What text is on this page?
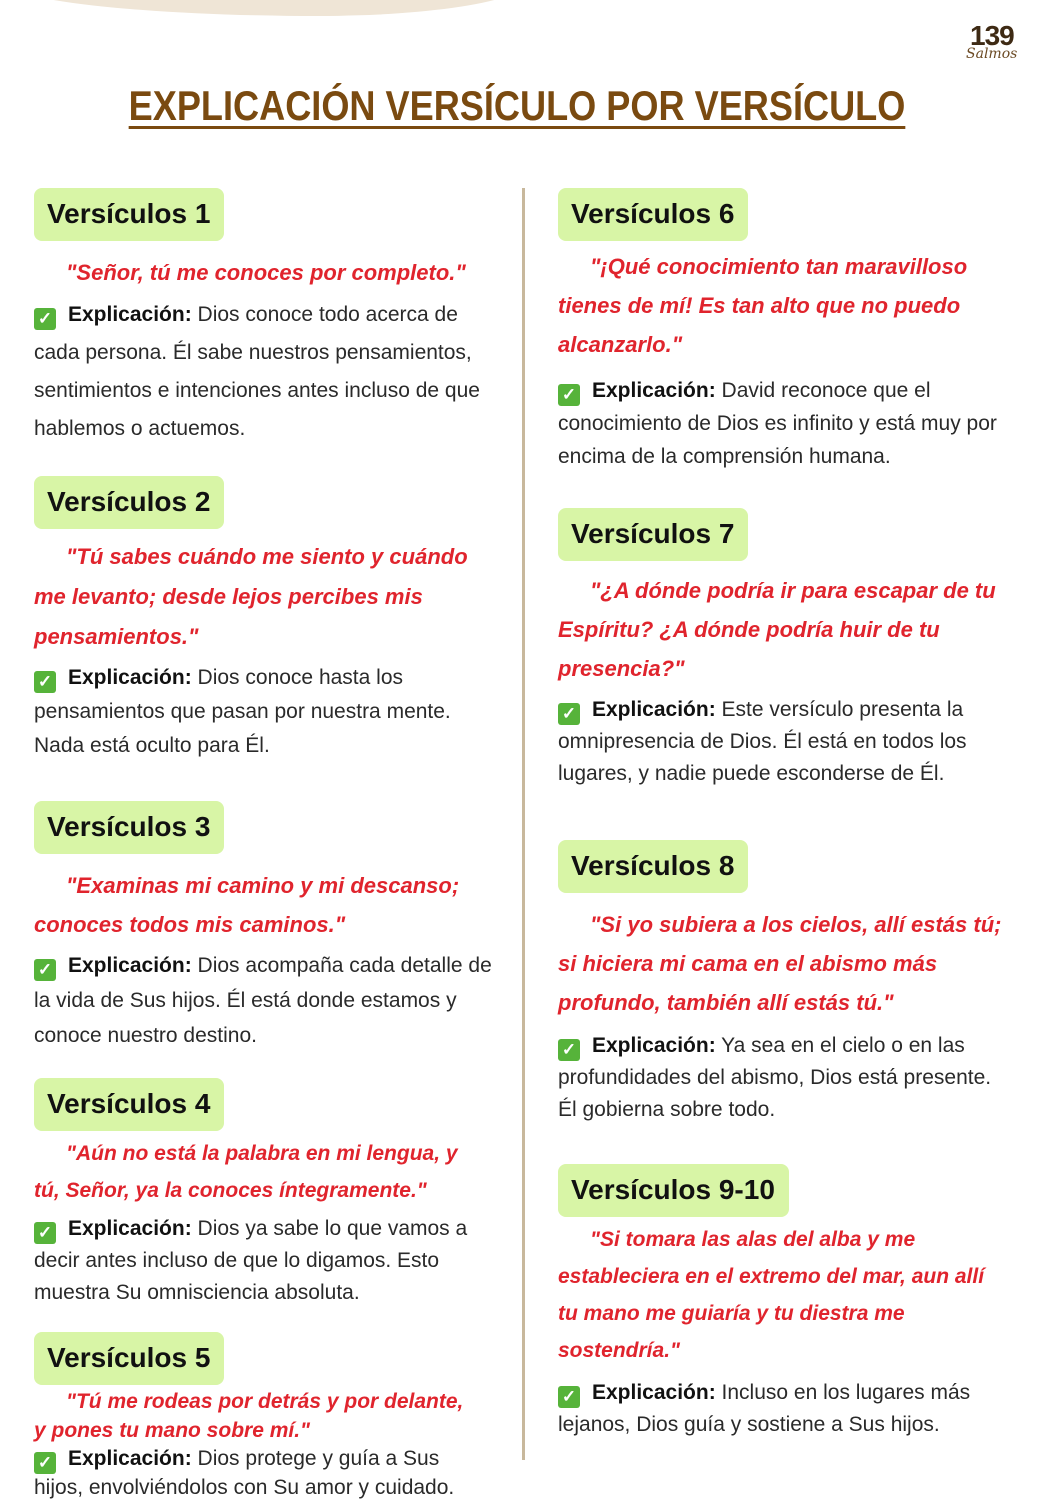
139
Salmos
EXPLICACIÓN VERSÍCULO POR VERSÍCULO
Versículos 1
"Señor, tú me conoces por completo."
✓ Explicación: Dios conoce todo acerca de cada persona. Él sabe nuestros pensamientos, sentimientos e intenciones antes incluso de que hablemos o actuemos.
Versículos 2
"Tú sabes cuándo me siento y cuándo me levanto; desde lejos percibes mis pensamientos."
✓ Explicación: Dios conoce hasta los pensamientos que pasan por nuestra mente. Nada está oculto para Él.
Versículos 3
"Examinas mi camino y mi descanso; conoces todos mis caminos."
✓ Explicación: Dios acompaña cada detalle de la vida de Sus hijos. Él está donde estamos y conoce nuestro destino.
Versículos 4
"Aún no está la palabra en mi lengua, y tú, Señor, ya la conoces íntegramente."
✓ Explicación: Dios ya sabe lo que vamos a decir antes incluso de que lo digamos. Esto muestra Su omnisciencia absoluta.
Versículos 5
"Tú me rodeas por detrás y por delante, y pones tu mano sobre mí."
✓ Explicación: Dios protege y guía a Sus hijos, envolviéndolos con Su amor y cuidado.
Versículos 6
"¡Qué conocimiento tan maravilloso tienes de mí! Es tan alto que no puedo alcanzarlo."
✓ Explicación: David reconoce que el conocimiento de Dios es infinito y está muy por encima de la comprensión humana.
Versículos 7
"¿A dónde podría ir para escapar de tu Espíritu? ¿A dónde podría huir de tu presencia?"
✓ Explicación: Este versículo presenta la omnipresencia de Dios. Él está en todos los lugares, y nadie puede esconderse de Él.
Versículos 8
"Si yo subiera a los cielos, allí estás tú; si hiciera mi cama en el abismo más profundo, también allí estás tú."
✓ Explicación: Ya sea en el cielo o en las profundidades del abismo, Dios está presente. Él gobierna sobre todo.
Versículos 9-10
"Si tomara las alas del alba y me estableciera en el extremo del mar, aun allí tu mano me guiaría y tu diestra me sostendría."
✓ Explicación: Incluso en los lugares más lejanos, Dios guía y sostiene a Sus hijos.
